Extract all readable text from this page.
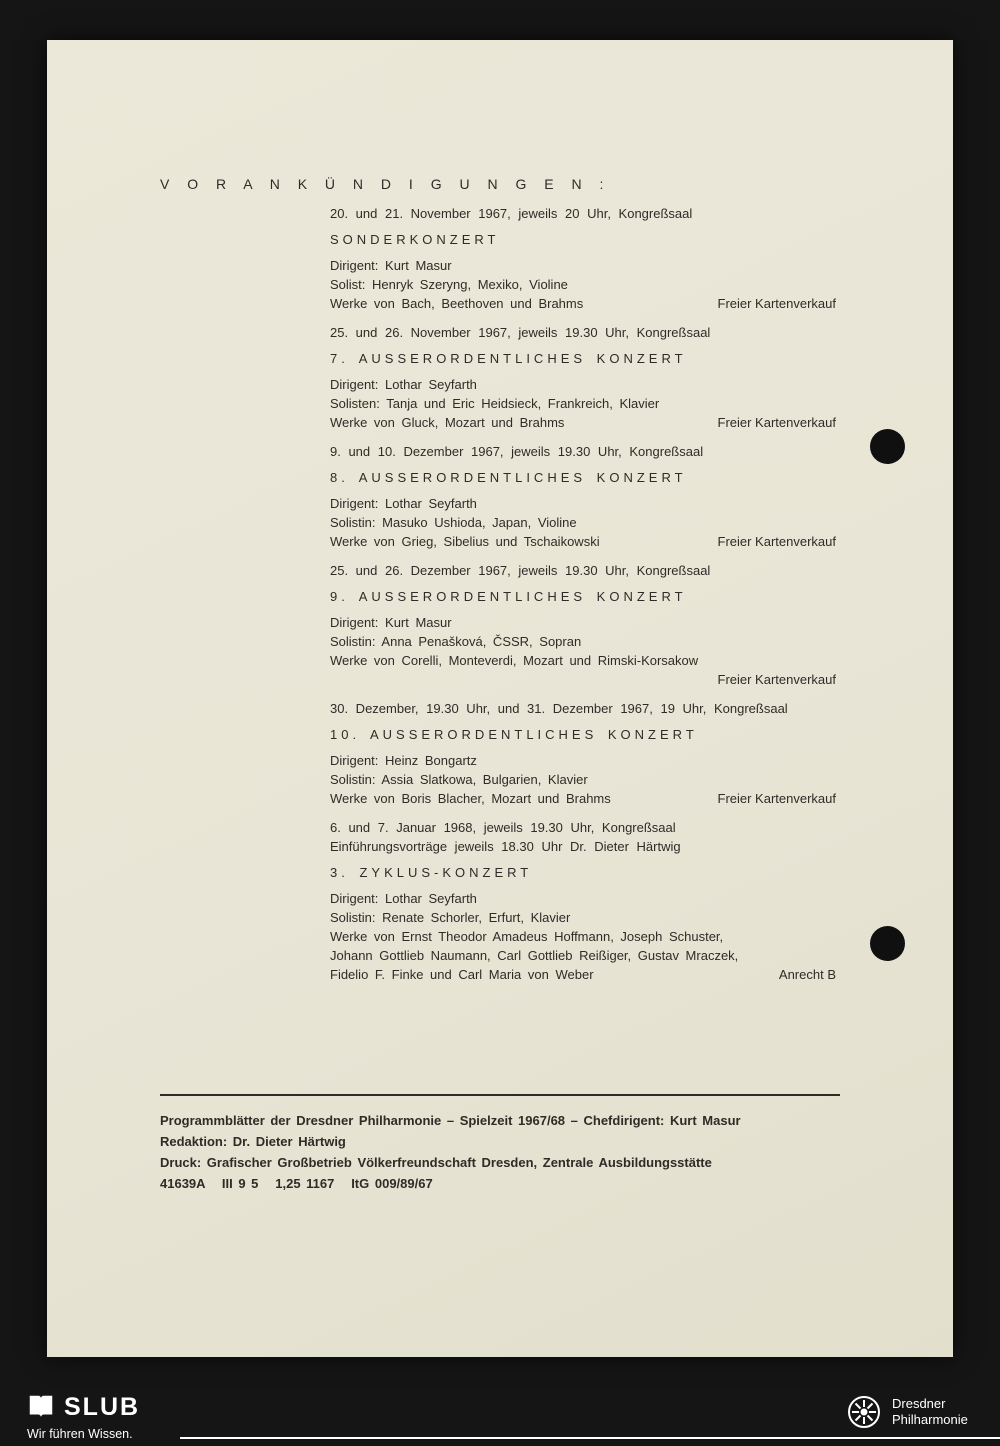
V O R A N K Ü N D I G U N G E N :
20. und 21. November 1967, jeweils 20 Uhr, Kongreßsaal
SONDERKONZERT
Dirigent: Kurt Masur
Solist: Henryk Szeryng, Mexiko, Violine
Werke von Bach, Beethoven und Brahms	Freier Kartenverkauf
25. und 26. November 1967, jeweils 19.30 Uhr, Kongreßsaal
7. AUSSERORDENTLICHES KONZERT
Dirigent: Lothar Seyfarth
Solisten: Tanja und Eric Heidsieck, Frankreich, Klavier
Werke von Gluck, Mozart und Brahms	Freier Kartenverkauf
9. und 10. Dezember 1967, jeweils 19.30 Uhr, Kongreßsaal
8. AUSSERORDENTLICHES KONZERT
Dirigent: Lothar Seyfarth
Solistin: Masuko Ushioda, Japan, Violine
Werke von Grieg, Sibelius und Tschaikowski	Freier Kartenverkauf
25. und 26. Dezember 1967, jeweils 19.30 Uhr, Kongreßsaal
9. AUSSERORDENTLICHES KONZERT
Dirigent: Kurt Masur
Solistin: Anna Penašková, ČSSR, Sopran
Werke von Corelli, Monteverdi, Mozart und Rimski-Korsakow
Freier Kartenverkauf
30. Dezember, 19.30 Uhr, und 31. Dezember 1967, 19 Uhr, Kongreßsaal
10. AUSSERORDENTLICHES KONZERT
Dirigent: Heinz Bongartz
Solistin: Assia Slatkowa, Bulgarien, Klavier
Werke von Boris Blacher, Mozart und Brahms	Freier Kartenverkauf
6. und 7. Januar 1968, jeweils 19.30 Uhr, Kongreßsaal
Einführungsvorträge jeweils 18.30 Uhr Dr. Dieter Härtwig
3. ZYKLUS-KONZERT
Dirigent: Lothar Seyfarth
Solistin: Renate Schorler, Erfurt, Klavier
Werke von Ernst Theodor Amadeus Hoffmann, Joseph Schuster,
Johann Gottlieb Naumann, Carl Gottlieb Reißiger, Gustav Mraczek,
Fidelio F. Finke und Carl Maria von Weber	Anrecht B
Programmblätter der Dresdner Philharmonie – Spielzeit 1967/68 – Chefdirigent: Kurt Masur
Redaktion: Dr. Dieter Härtwig
Druck: Grafischer Großbetrieb Völkerfreundschaft Dresden, Zentrale Ausbildungsstätte
41639A   III 9 5   1,25 1167   ItG 009/89/67
SLUB
Wir führen Wissen.
Dresdner
Philharmonie
